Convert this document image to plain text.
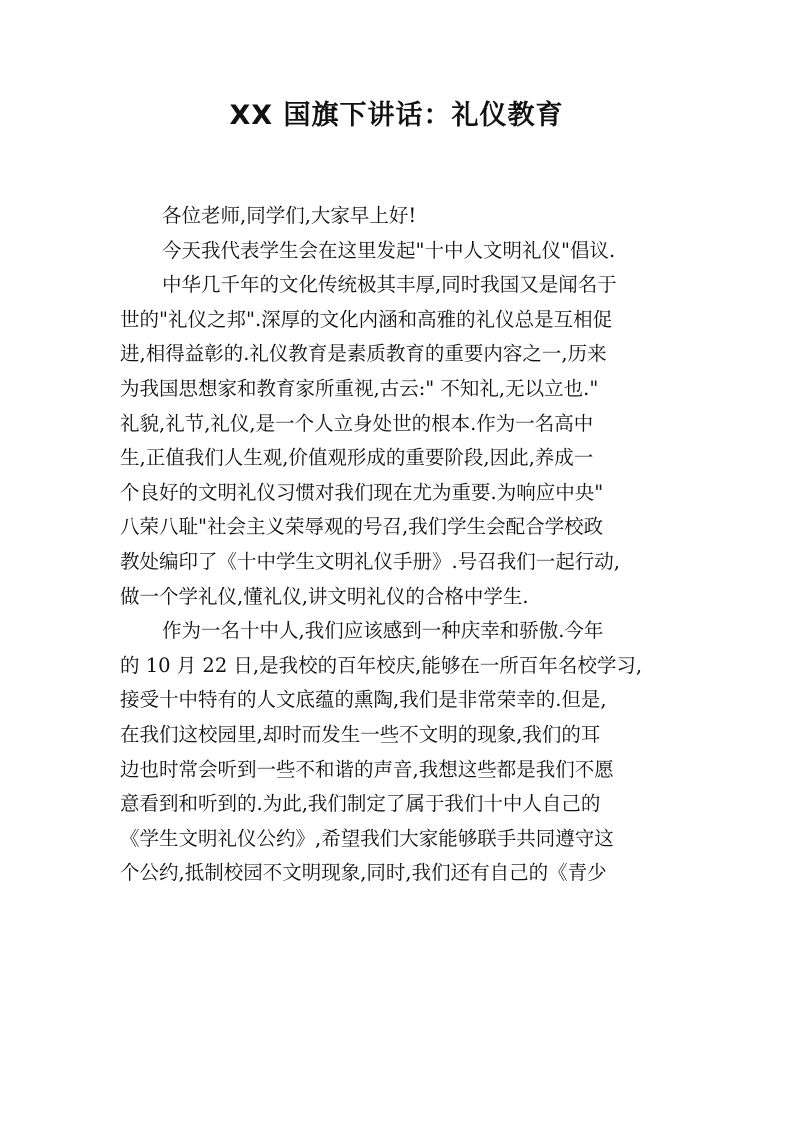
XX 国旗下讲话：礼仪教育
各位老师,同学们,大家早上好!
今天我代表学生会在这里发起"十中人文明礼仪"倡议.
中华几千年的文化传统极其丰厚,同时我国又是闻名于
世的"礼仪之邦".深厚的文化内涵和高雅的礼仪总是互相促
进,相得益彰的.礼仪教育是素质教育的重要内容之一,历来
为我国思想家和教育家所重视,古云:" 不知礼,无以立也."
礼貌,礼节,礼仪,是一个人立身处世的根本.作为一名高中
生,正值我们人生观,价值观形成的重要阶段,因此,养成一
个良好的文明礼仪习惯对我们现在尤为重要.为响应中央"
八荣八耻"社会主义荣辱观的号召,我们学生会配合学校政
教处编印了《十中学生文明礼仪手册》.号召我们一起行动,
做一个学礼仪,懂礼仪,讲文明礼仪的合格中学生.
作为一名十中人,我们应该感到一种庆幸和骄傲.今年
的 10 月 22 日,是我校的百年校庆,能够在一所百年名校学习,
接受十中特有的人文底蕴的熏陶,我们是非常荣幸的.但是,
在我们这校园里,却时而发生一些不文明的现象,我们的耳
边也时常会听到一些不和谐的声音,我想这些都是我们不愿
意看到和听到的.为此,我们制定了属于我们十中人自己的
《学生文明礼仪公约》,希望我们大家能够联手共同遵守这
个公约,抵制校园不文明现象,同时,我们还有自己的《青少
